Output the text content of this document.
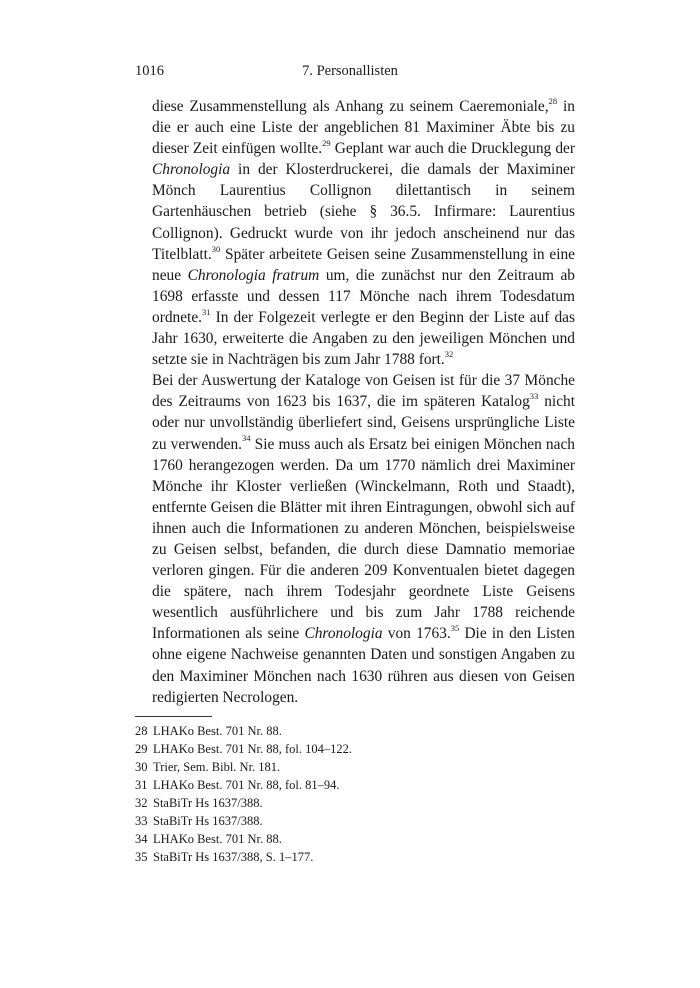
1016	7. Personallisten

diese Zusammenstellung als Anhang zu seinem Caeremoniale,$^{28}$ in die er auch eine Liste der angeblichen 81 Maximiner Äbte bis zu dieser Zeit einfügen wollte.$^{29}$ Geplant war auch die Drucklegung der Chronologia in der Klosterdruckerei, die damals der Maximiner Mönch Laurentius Collignon dilettantisch in seinem Gartenhäuschen betrieb (siehe § 36.5. Infirmare: Laurentius Collignon). Gedruckt wurde von ihr jedoch anscheinend nur das Titelblatt.$^{30}$ Später arbeitete Geisen seine Zusammenstellung in eine neue Chronologia fratrum um, die zunächst nur den Zeitraum ab 1698 erfasste und dessen 117 Mönche nach ihrem Todesdatum ordnete.$^{31}$ In der Folgezeit verlegte er den Beginn der Liste auf das Jahr 1630, erweiterte die Angaben zu den jeweiligen Mönchen und setzte sie in Nachträgen bis zum Jahr 1788 fort.$^{32}$

Bei der Auswertung der Kataloge von Geisen ist für die 37 Mönche des Zeitraums von 1623 bis 1637, die im späteren Katalog$^{33}$ nicht oder nur unvollständig überliefert sind, Geisens ursprüngliche Liste zu verwenden.$^{34}$ Sie muss auch als Ersatz bei einigen Mönchen nach 1760 herangezogen werden. Da um 1770 nämlich drei Maximiner Mönche ihr Kloster verließen (Winckelmann, Roth und Staadt), entfernte Geisen die Blätter mit ihren Eintragungen, obwohl sich auf ihnen auch die Informationen zu anderen Mönchen, beispielsweise zu Geisen selbst, befanden, die durch diese Damnatio memoriae verloren gingen. Für die anderen 209 Konventualen bietet dagegen die spätere, nach ihrem Todesjahr geordnete Liste Geisens wesentlich ausführlichere und bis zum Jahr 1788 reichende Informationen als seine Chronologia von 1763.35 Die in den Listen ohne eigene Nachweise genannten Daten und sonstigen Angaben zu den Maximiner Mönchen nach 1630 rühren aus diesen von Geisen redigierten Necrologen.

28 LHAKo Best. 701 Nr. 88.
29 LHAKo Best. 701 Nr. 88, fol. 104–122.
30 Trier, Sem. Bibl. Nr. 181.
31 LHAKo Best. 701 Nr. 88, fol. 81–94.
32 StaBiTr Hs 1637/388.
33 StaBiTr Hs 1637/388.
34 LHAKo Best. 701 Nr. 88.
35 StaBiTr Hs 1637/388, S. 1–177.
